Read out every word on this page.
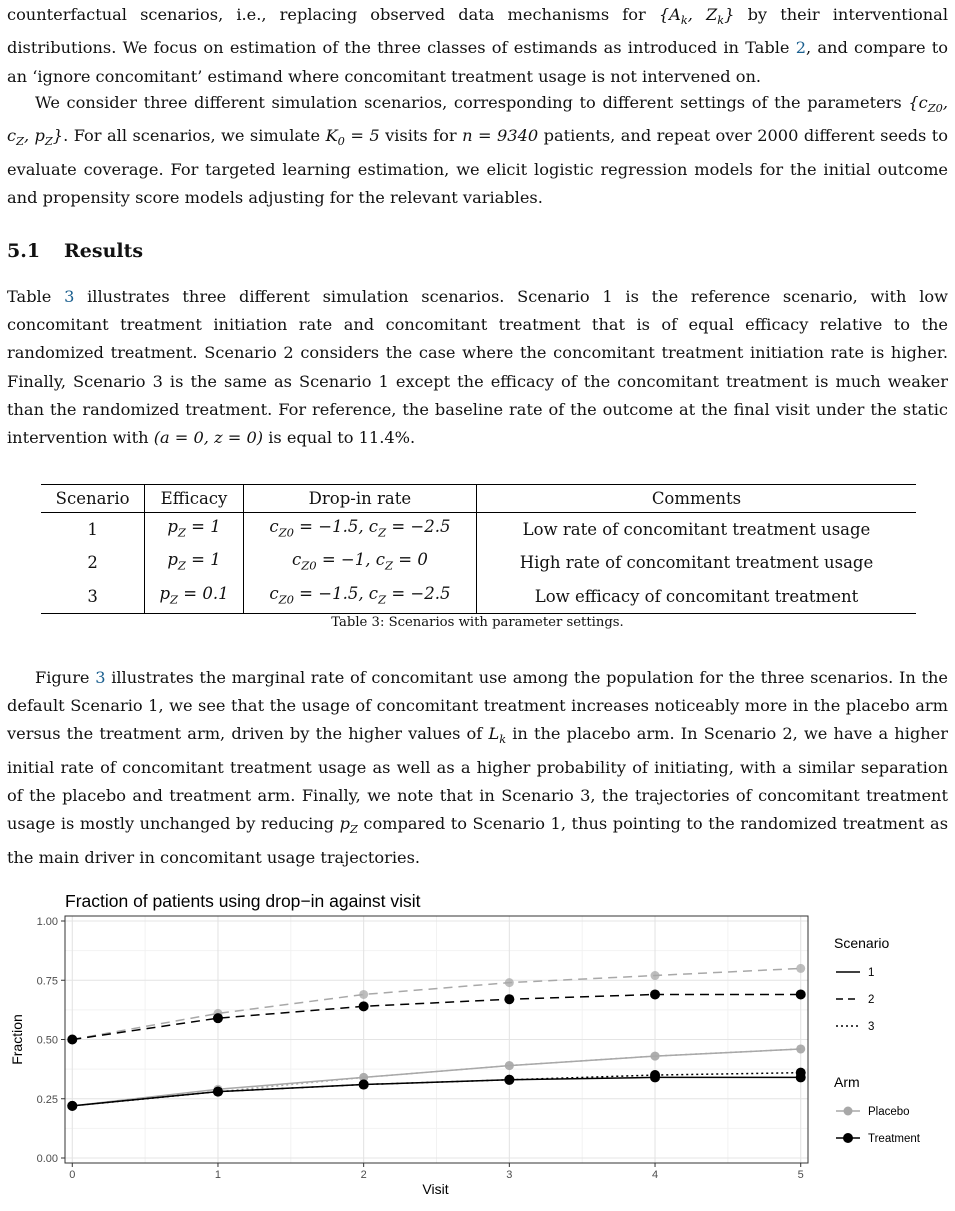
counterfactual scenarios, i.e., replacing observed data mechanisms for {$A_k$, $Z_k$} by their interventional distributions. We focus on estimation of the three classes of estimands as introduced in Table 2, and compare to an ‘ignore concomitant’ estimand where concomitant treatment usage is not intervened on.

We consider three different simulation scenarios, corresponding to different settings of the parameters {$c_{Z0}$, $c_Z$, $p_Z$}. For all scenarios, we simulate $K_0 = 5$ visits for n = 9340 patients, and repeat over 2000 different seeds to evaluate coverage. For targeted learning estimation, we elicit logistic regression models for the initial outcome and propensity score models adjusting for the relevant variables.

5.1 Results

Table 3 illustrates three different simulation scenarios. Scenario 1 is the reference scenario, with low concomitant treatment initiation rate and concomitant treatment that is of equal efficacy relative to the randomized treatment. Scenario 2 considers the case where the concomitant treatment initiation rate is higher. Finally, Scenario 3 is the same as Scenario 1 except the efficacy of the concomitant treatment is much weaker than the randomized treatment. For reference, the baseline rate of the outcome at the final visit under the static intervention with (a = 0, z = 0) is equal to 11.4%.

Scenario	Efficacy	Drop-in rate	Comments
1	$p_Z = 1$	$c_{Z0} = -1.5$, $c_Z = -2.5$	Low rate of concomitant treatment usage
2	$p_Z = 1$	$c_{Z0} = -1$, $c_Z = 0$	High rate of concomitant treatment usage
3	$p_Z = 0.1$	$c_{Z0} = -1.5$, $c_Z = -2.5$	Low efficacy of concomitant treatment
Table 3: Scenarios with parameter settings.

Figure 3 illustrates the marginal rate of concomitant use among the population for the three scenarios. In the default Scenario 1, we see that the usage of concomitant treatment increases noticeably more in the placebo arm versus the treatment arm, driven by the higher values of $L_k$ in the placebo arm. In Scenario 2, we have a higher initial rate of concomitant treatment usage as well as a higher probability of initiating, with a similar separation of the placebo and treatment arm. Finally, we note that in Scenario 3, the trajectories of concomitant treatment usage is mostly unchanged by reducing $p_Z$ compared to Scenario 1, thus pointing to the randomized treatment as the main driver in concomitant usage trajectories.

Fraction of patients using drop−in against visit
0	1	2	3	4	5
0.00
0.25
0.50
0.75
1.00
Visit
Fraction
Scenario
1
2
3
Arm
Placebo
Treatment
